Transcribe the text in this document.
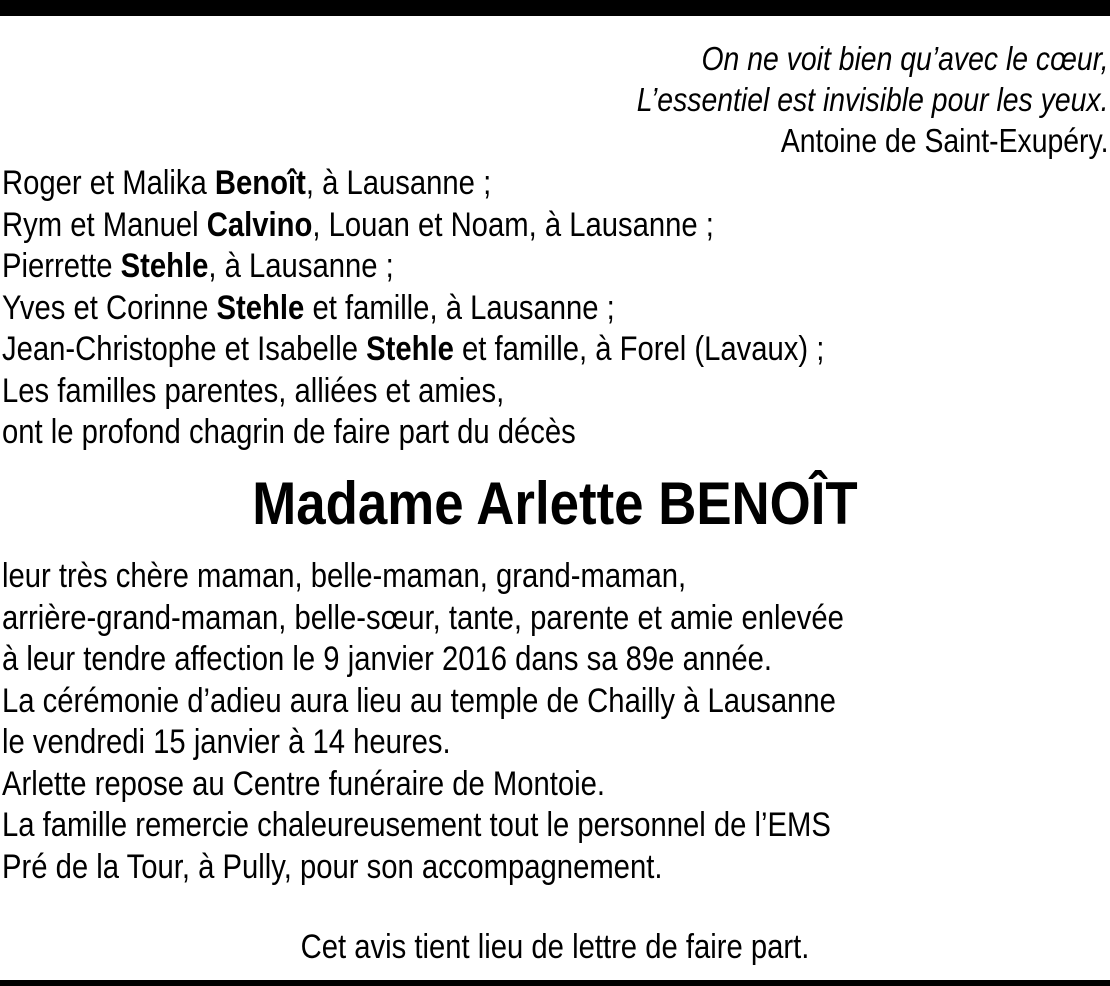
On ne voit bien qu’avec le cœur,
L’essentiel est invisible pour les yeux.
Antoine de Saint-Exupéry.
Roger et Malika Benoît, à Lausanne ;
Rym et Manuel Calvino, Louan et Noam, à Lausanne ;
Pierrette Stehle, à Lausanne ;
Yves et Corinne Stehle et famille, à Lausanne ;
Jean-Christophe et Isabelle Stehle et famille, à Forel (Lavaux) ;
Les familles parentes, alliées et amies,
ont le profond chagrin de faire part du décès
Madame Arlette BENOÎT
leur très chère maman, belle-maman, grand-maman,
arrière-grand-maman, belle-sœur, tante, parente et amie enlevée
à leur tendre affection le 9 janvier 2016 dans sa 89e année.
La cérémonie d’adieu aura lieu au temple de Chailly à Lausanne
le vendredi 15 janvier à 14 heures.
Arlette repose au Centre funéraire de Montoie.
La famille remercie chaleureusement tout le personnel de l’EMS
Pré de la Tour, à Pully, pour son accompagnement.
Cet avis tient lieu de lettre de faire part.
